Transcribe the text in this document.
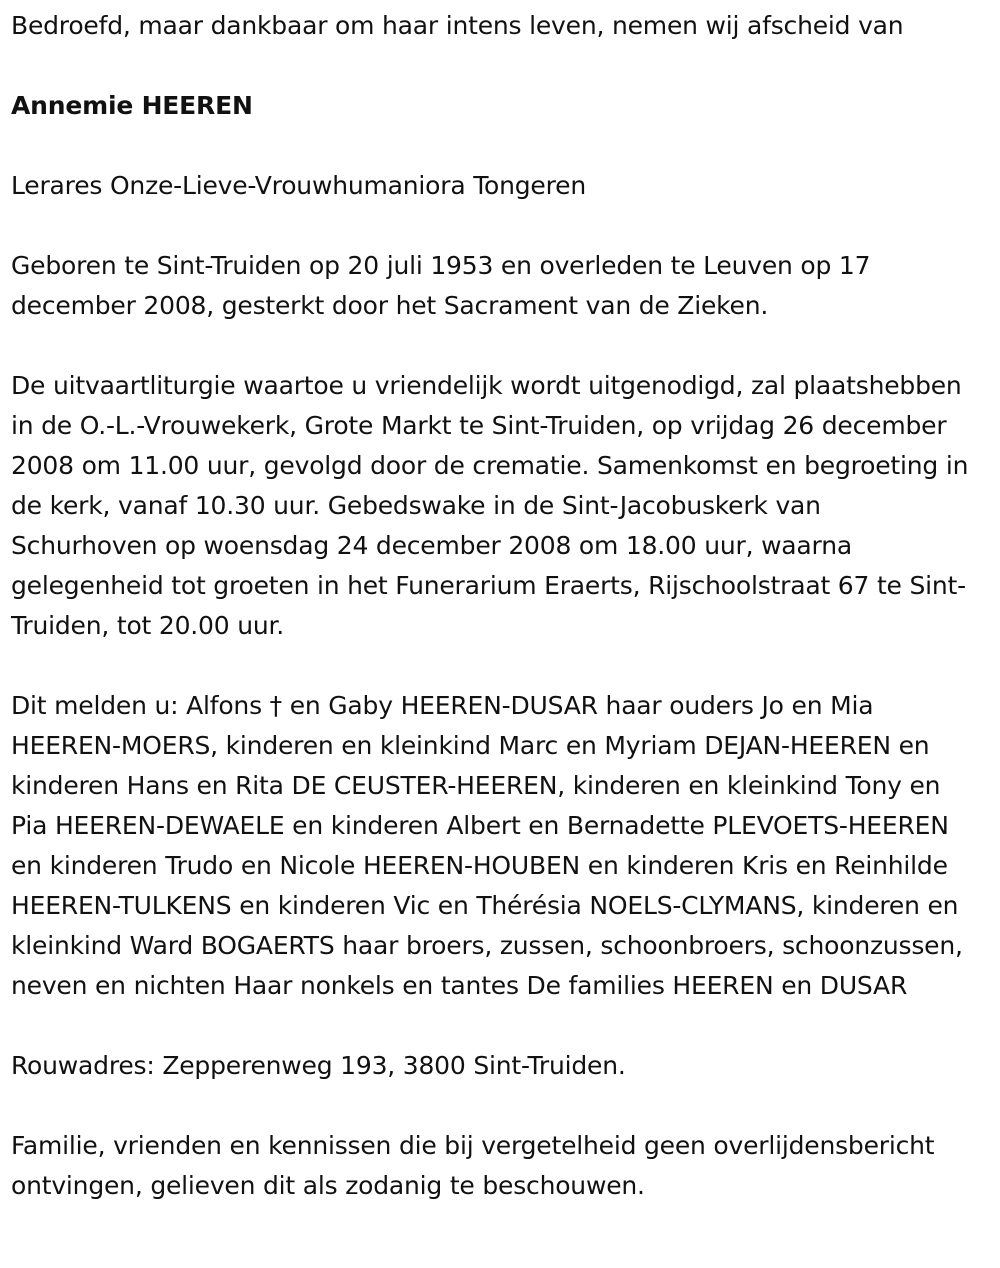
Bedroefd, maar dankbaar om haar intens leven, nemen wij afscheid van

Annemie HEEREN

Lerares Onze-Lieve-Vrouwhumaniora Tongeren

Geboren te Sint-Truiden op 20 juli 1953 en overleden te Leuven op 17 december 2008, gesterkt door het Sacrament van de Zieken.

De uitvaartliturgie waartoe u vriendelijk wordt uitgenodigd, zal plaatshebben in de O.-L.-Vrouwekerk, Grote Markt te Sint-Truiden, op vrijdag 26 december 2008 om 11.00 uur, gevolgd door de crematie. Samenkomst en begroeting in de kerk, vanaf 10.30 uur. Gebedswake in de Sint-Jacobuskerk van Schurhoven op woensdag 24 december 2008 om 18.00 uur, waarna gelegenheid tot groeten in het Funerarium Eraerts, Rijschoolstraat 67 te Sint-Truiden, tot 20.00 uur.

Dit melden u: Alfons † en Gaby HEEREN-DUSAR haar ouders Jo en Mia HEEREN-MOERS, kinderen en kleinkind Marc en Myriam DEJAN-HEEREN en kinderen Hans en Rita DE CEUSTER-HEEREN, kinderen en kleinkind Tony en Pia HEEREN-DEWAELE en kinderen Albert en Bernadette PLEVOETS-HEEREN en kinderen Trudo en Nicole HEEREN-HOUBEN en kinderen Kris en Reinhilde HEEREN-TULKENS en kinderen Vic en Thérésia NOELS-CLYMANS, kinderen en kleinkind Ward BOGAERTS haar broers, zussen, schoonbroers, schoonzussen, neven en nichten Haar nonkels en tantes De families HEEREN en DUSAR

Rouwadres: Zepperenweg 193, 3800 Sint-Truiden.

Familie, vrienden en kennissen die bij vergetelheid geen overlijdensbericht ontvingen, gelieven dit als zodanig te beschouwen.
